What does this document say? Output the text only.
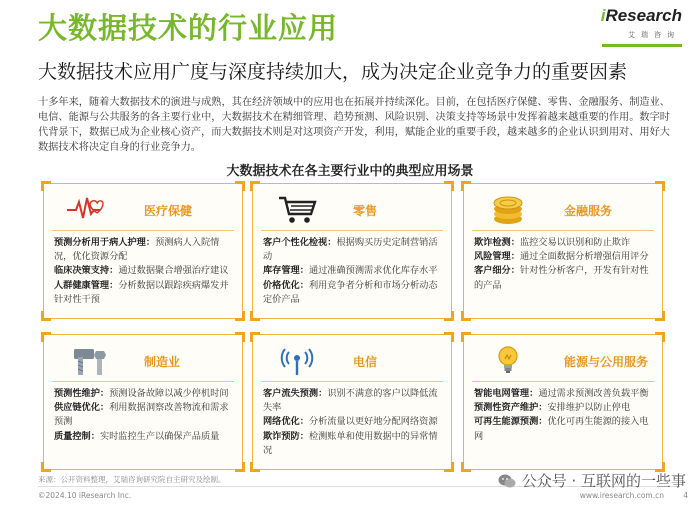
大数据技术的行业应用	iResearch
艾瑞咨询
大数据技术应用广度与深度持续加大，成为决定企业竞争力的重要因素
十多年来，随着大数据技术的演进与成熟，其在经济领域中的应用也在拓展并持续深化。目前，在包括医疗保健、零售、金融服务、制造业、电信、能源与公共服务的各主要行业中，大数据技术在精细管理、趋势预测、风险识别、决策支持等场景中发挥着越来越重要的作用。数字时代背景下，数据已成为企业核心资产，而大数据技术则是对这项资产开发，利用，赋能企业的重要手段，越来越多的企业认识到用对、用好大数据技术将决定自身的行业竞争力。
大数据技术在各主要行业中的典型应用场景
医疗保健

预测分析用于病人护理：预测病人入院情况，优化资源分配

临床决策支持：通过数据聚合增强治疗建议

人群健康管理：分析数据以跟踪疾病爆发并针对性干预

零售

客户个性化检视：根据购买历史定制营销活动

库存管理：通过准确预测需求优化库存水平

价格优化：利用竞争者分析和市场分析动态定价产品

金融服务

欺诈检测：监控交易以识别和防止欺诈

风险管理：通过全面数据分析增强信用评分

客户细分：针对性分析客户，开发有针对性的产品

制造业

预测性维护：预测设备故障以减少停机时间

供应链优化：利用数据洞察改善物流和需求预测

质量控制：实时监控生产以确保产品质量

电信

客户流失预测：识别不满意的客户以降低流失率

网络优化：分析流量以更好地分配网络资源

欺诈预防：检测账单和使用数据中的异常情况

能源与公用服务

智能电网管理：通过需求预测改善负载平衡

预测性资产维护：安排维护以防止停电

可再生能源预测：优化可再生能源的接入电网

来源：公开资料整理，艾瑞咨询研究院自主研究及绘制。
©2024.10 iResearch Inc.	www.iresearch.com.cn	4
公众号 · 互联网的一些事
